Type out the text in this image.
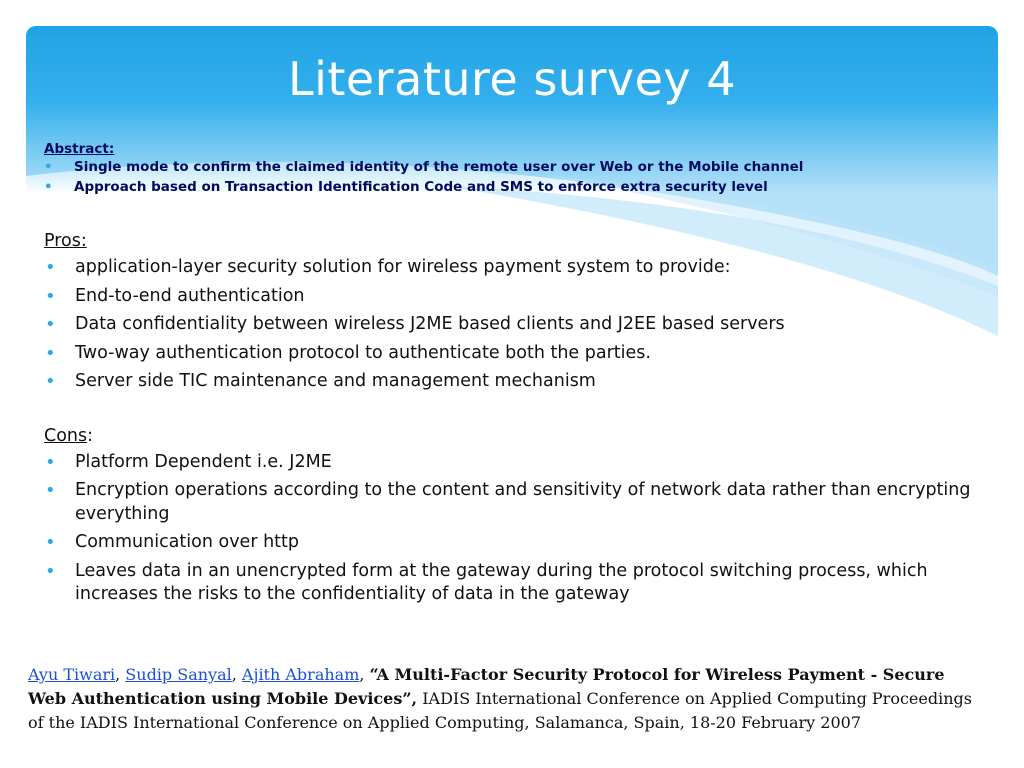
Literature survey 4
Abstract:
• Single mode to confirm the claimed identity of the remote user over Web or the Mobile channel
• Approach based on Transaction Identification Code and SMS to enforce extra security level
Pros:
• application-layer security solution for wireless payment system to provide:
• End-to-end authentication
• Data confidentiality between wireless J2ME based clients and J2EE based servers
• Two-way authentication protocol to authenticate both the parties.
• Server side TIC maintenance and management mechanism
Cons:
• Platform Dependent i.e. J2ME
• Encryption operations according to the content and sensitivity of network data rather than encrypting everything
• Communication over http
• Leaves data in an unencrypted form at the gateway during the protocol switching process, which increases the risks to the confidentiality of data in the gateway
Ayu Tiwari, Sudip Sanyal, Ajith Abraham, “A Multi-Factor Security Protocol for Wireless Payment - Secure Web Authentication using Mobile Devices”, IADIS International Conference on Applied Computing Proceedings of the IADIS International Conference on Applied Computing, Salamanca, Spain, 18-20 February 2007
